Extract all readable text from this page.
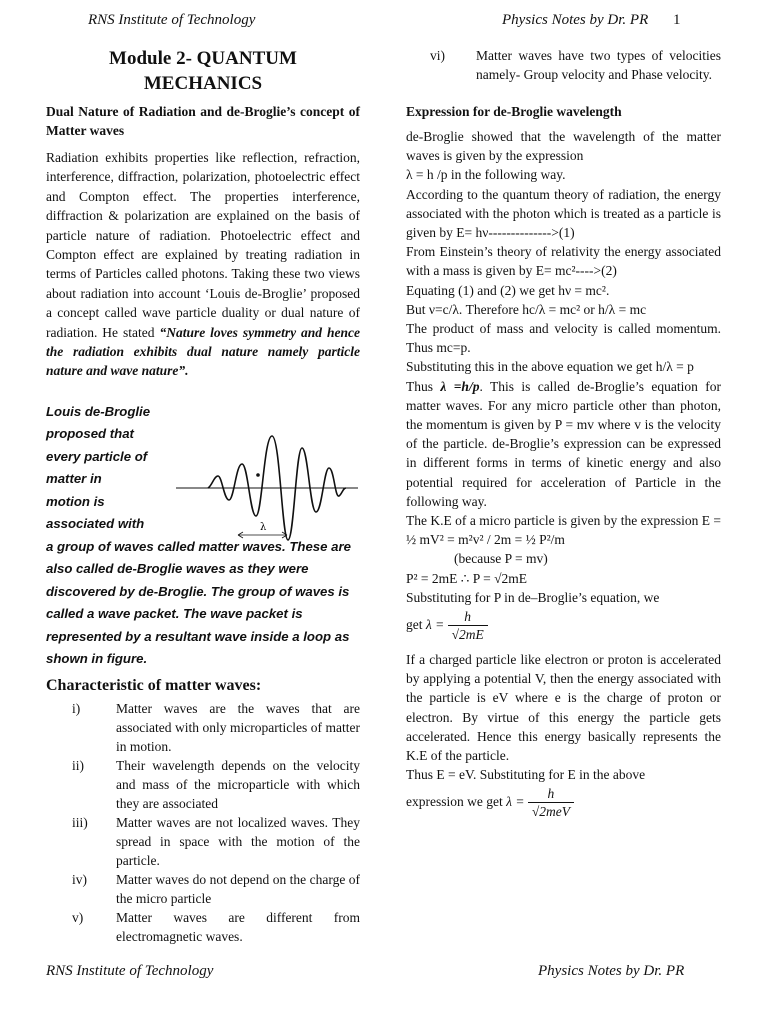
RNS Institute of Technology	Physics Notes by Dr. PR 1
Module 2- QUANTUM MECHANICS
Dual Nature of Radiation and de-Broglie’s concept of Matter waves

Radiation exhibits properties like reflection, refraction, interference, diffraction, polarization, photoelectric effect and Compton effect. The properties interference, diffraction & polarization are explained on the basis of particle nature of radiation. Photoelectric effect and Compton effect are explained by treating radiation in terms of Particles called photons. Taking these two views about radiation into account ‘Louis de-Broglie’ proposed a concept called wave particle duality or dual nature of radiation. He stated “Nature loves symmetry and hence the radiation exhibits dual nature namely particle nature and wave nature”.

Louis de-Broglie
proposed that
every particle of
matter in
motion is
associated with
a group of waves called matter waves. These are also called de-Broglie waves as they were discovered by de-Broglie. The group of waves is called a wave packet. The wave packet is represented by a resultant wave inside a loop as shown in figure.
Characteristic of matter waves:
i)	Matter waves are the waves that are associated with only microparticles of matter in motion.
ii)	Their wavelength depends on the velocity and mass of the microparticle with which they are associated
iii)	Matter waves are not localized waves. They spread in space with the motion of the particle.
iv)	Matter waves do not depend on the charge of the micro particle
v)	Matter waves are different from electromagnetic waves.
λ
vi)	Matter waves have two types of velocities namely- Group velocity and Phase velocity.
Expression for de-Broglie wavelength

de-Broglie showed that the wavelength of the matter waves is given by the expression

λ = h /p in the following way.

According to the quantum theory of radiation, the energy associated with the photon which is treated as a particle is given by E= hν-------------->(1)

From Einstein’s theory of relativity the energy associated with a mass is given by E= mc²---->(2)

Equating (1) and (2) we get hν = mc².

But ν=c/λ. Therefore hc/λ = mc² or h/λ = mc

The product of mass and velocity is called momentum. Thus mc=p.

Substituting this in the above equation we get h/λ = p

Thus λ =h/p. This is called de-Broglie’s equation for matter waves. For any micro particle other than photon, the momentum is given by P = mv where v is the velocity of the particle. de-Broglie’s expression can be expressed in different forms in terms of kinetic energy and also potential required for acceleration of Particle in the following way.

The K.E of a micro particle is given by the expression E = ½ mV² = m²v² / 2m = ½ P²/m

(because P = mv)

P² = 2mE ∴ P = √2mE

Substituting for P in de–Broglie’s equation, we

get $\lambda = \frac{h}{√2mE}$

If a charged particle like electron or proton is accelerated by applying a potential V, then the energy associated with the particle is eV where e is the charge of proton or electron. By virtue of this energy the particle gets accelerated. Hence this energy basically represents the K.E of the particle.

Thus E = eV. Substituting for E in the above

expression we get $\lambda = \frac{h}{\text{√2meV}}$

RNS Institute of Technology	Physics Notes by Dr. PR
